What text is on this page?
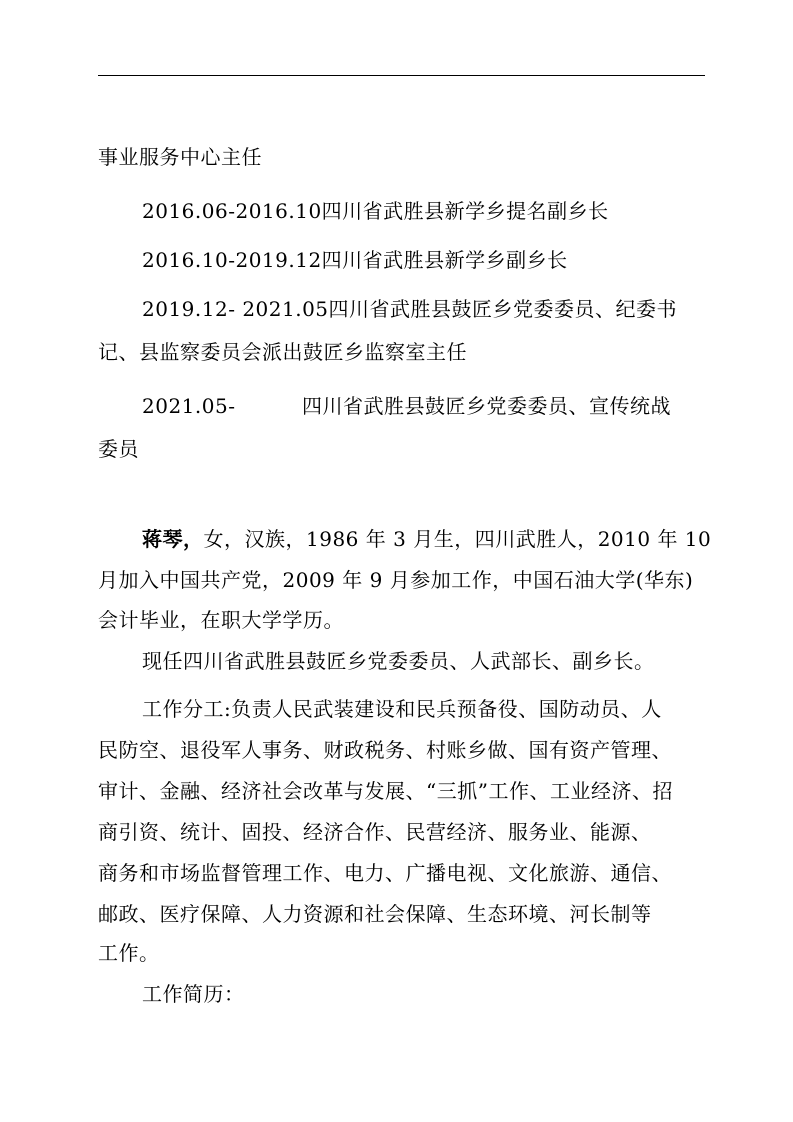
事业服务中心主任
2016.06-2016.10四川省武胜县新学乡提名副乡长
2016.10-2019.12四川省武胜县新学乡副乡长
2019.12- 2021.05四川省武胜县鼓匠乡党委委员、纪委书
记、县监察委员会派出鼓匠乡监察室主任
2021.05-	四川省武胜县鼓匠乡党委委员、宣传统战
委员
蒋琴，女，汉族，1986 年 3 月生，四川武胜人，2010 年 10
月加入中国共产党，2009 年 9 月参加工作，中国石油大学(华东)
会计毕业，在职大学学历。
现任四川省武胜县鼓匠乡党委委员、人武部长、副乡长。
工作分工:负责人民武装建设和民兵预备役、国防动员、人
民防空、退役军人事务、财政税务、村账乡做、国有资产管理、
审计、金融、经济社会改革与发展、“三抓”工作、工业经济、招
商引资、统计、固投、经济合作、民营经济、服务业、能源、
商务和市场监督管理工作、电力、广播电视、文化旅游、通信、
邮政、医疗保障、人力资源和社会保障、生态环境、河长制等
工作。
工作简历：
